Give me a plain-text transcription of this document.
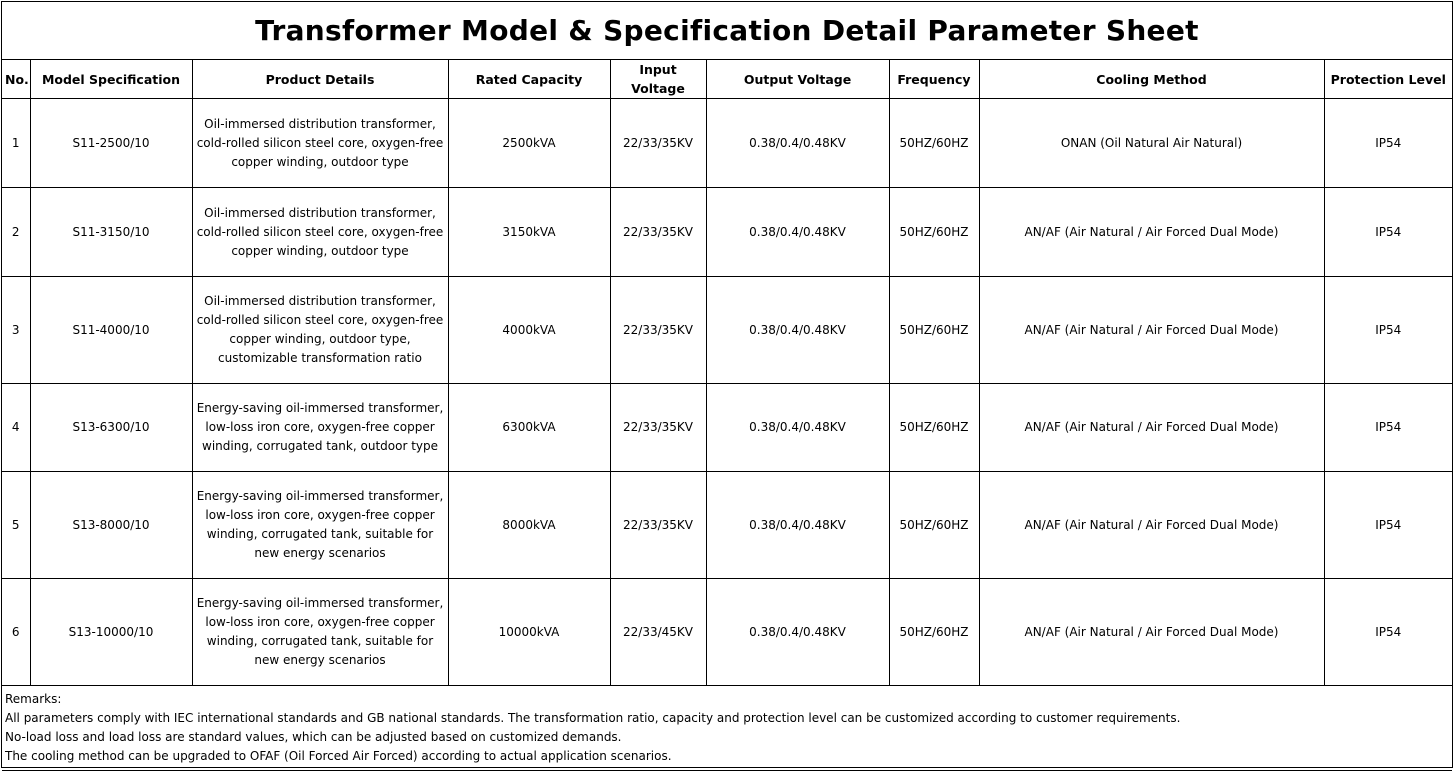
Transformer Model & Specification Detail Parameter Sheet
No.	Model Specification	Product Details	Rated Capacity	Input Voltage	Output Voltage	Frequency	Cooling Method	Protection Level
1	S11-2500/10	Oil-immersed distribution transformer, cold-rolled silicon steel core, oxygen-free copper winding, outdoor type	2500kVA	22/33/35KV	0.38/0.4/0.48KV	50HZ/60HZ	ONAN (Oil Natural Air Natural)	IP54
2	S11-3150/10	Oil-immersed distribution transformer, cold-rolled silicon steel core, oxygen-free copper winding, outdoor type	3150kVA	22/33/35KV	0.38/0.4/0.48KV	50HZ/60HZ	AN/AF (Air Natural / Air Forced Dual Mode)	IP54
3	S11-4000/10	Oil-immersed distribution transformer, cold-rolled silicon steel core, oxygen-free copper winding, outdoor type, customizable transformation ratio	4000kVA	22/33/35KV	0.38/0.4/0.48KV	50HZ/60HZ	AN/AF (Air Natural / Air Forced Dual Mode)	IP54
4	S13-6300/10	Energy-saving oil-immersed transformer, low-loss iron core, oxygen-free copper winding, corrugated tank, outdoor type	6300kVA	22/33/35KV	0.38/0.4/0.48KV	50HZ/60HZ	AN/AF (Air Natural / Air Forced Dual Mode)	IP54
5	S13-8000/10	Energy-saving oil-immersed transformer, low-loss iron core, oxygen-free copper winding, corrugated tank, suitable for new energy scenarios	8000kVA	22/33/35KV	0.38/0.4/0.48KV	50HZ/60HZ	AN/AF (Air Natural / Air Forced Dual Mode)	IP54
6	S13-10000/10	Energy-saving oil-immersed transformer, low-loss iron core, oxygen-free copper winding, corrugated tank, suitable for new energy scenarios	10000kVA	22/33/45KV	0.38/0.4/0.48KV	50HZ/60HZ	AN/AF (Air Natural / Air Forced Dual Mode)	IP54

Remarks:
All parameters comply with IEC international standards and GB national standards. The transformation ratio, capacity and protection level can be customized according to customer requirements.
No-load loss and load loss are standard values, which can be adjusted based on customized demands.
The cooling method can be upgraded to OFAF (Oil Forced Air Forced) according to actual application scenarios.								
